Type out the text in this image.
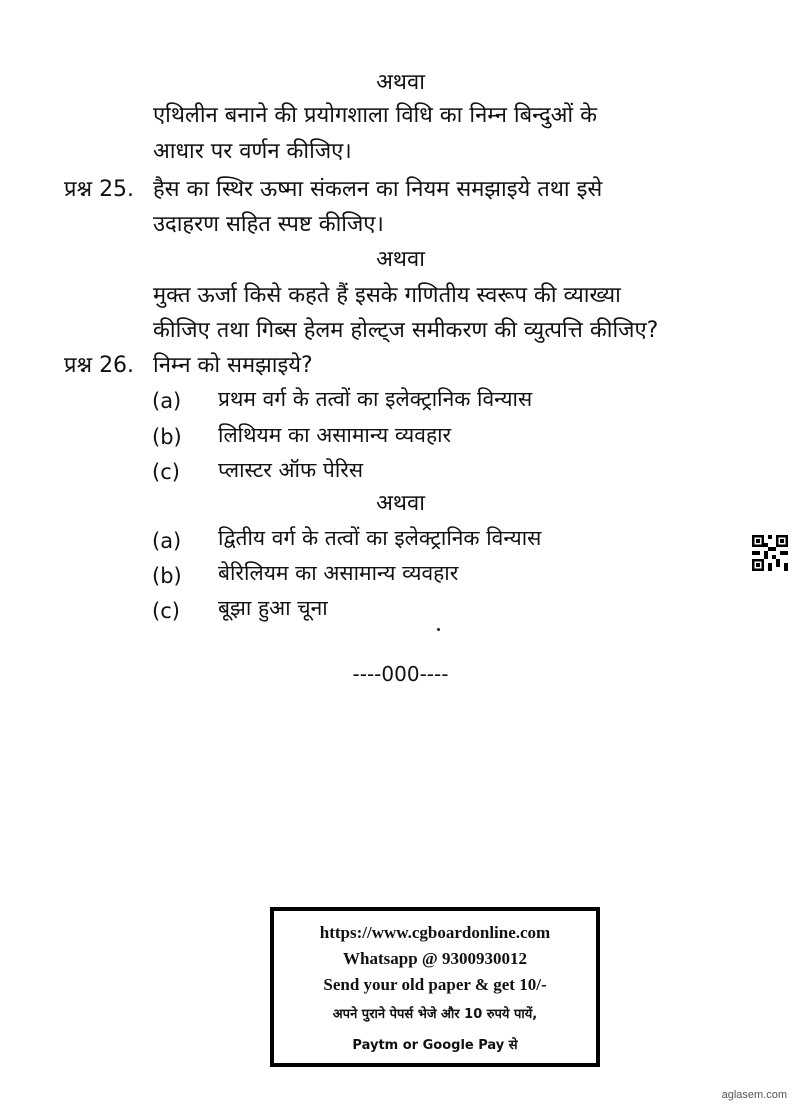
अथवा
एथिलीन बनाने की प्रयोगशाला विधि का निम्न बिन्दुओं के
आधार पर वर्णन कीजिए।
प्रश्न 25. हैस का स्थिर ऊष्मा संकलन का नियम समझाइये तथा इसे
उदाहरण सहित स्पष्ट कीजिए।
अथवा
मुक्त ऊर्जा किसे कहते हैं इसके गणितीय स्वरूप की व्याख्या
कीजिए तथा गिब्स हेलम होल्ट्ज समीकरण की व्युत्पत्ति कीजिए?
प्रश्न 26. निम्न को समझाइये?
(a) प्रथम वर्ग के तत्वों का इलेक्ट्रानिक विन्यास
(b) लिथियम का असामान्य व्यवहार
(c) प्लास्टर ऑफ पेरिस
अथवा
(a) द्वितीय वर्ग के तत्वों का इलेक्ट्रानिक विन्यास
(b) बेरिलियम का असामान्य व्यवहार
(c) बूझा हुआ चूना
----000----
https://www.cgboardonline.com
Whatsapp @ 9300930012
Send your old paper & get 10/-
अपने पुराने पेपर्स भेजे और 10 रुपये पायें,
Paytm or Google Pay से
aglasem.com
